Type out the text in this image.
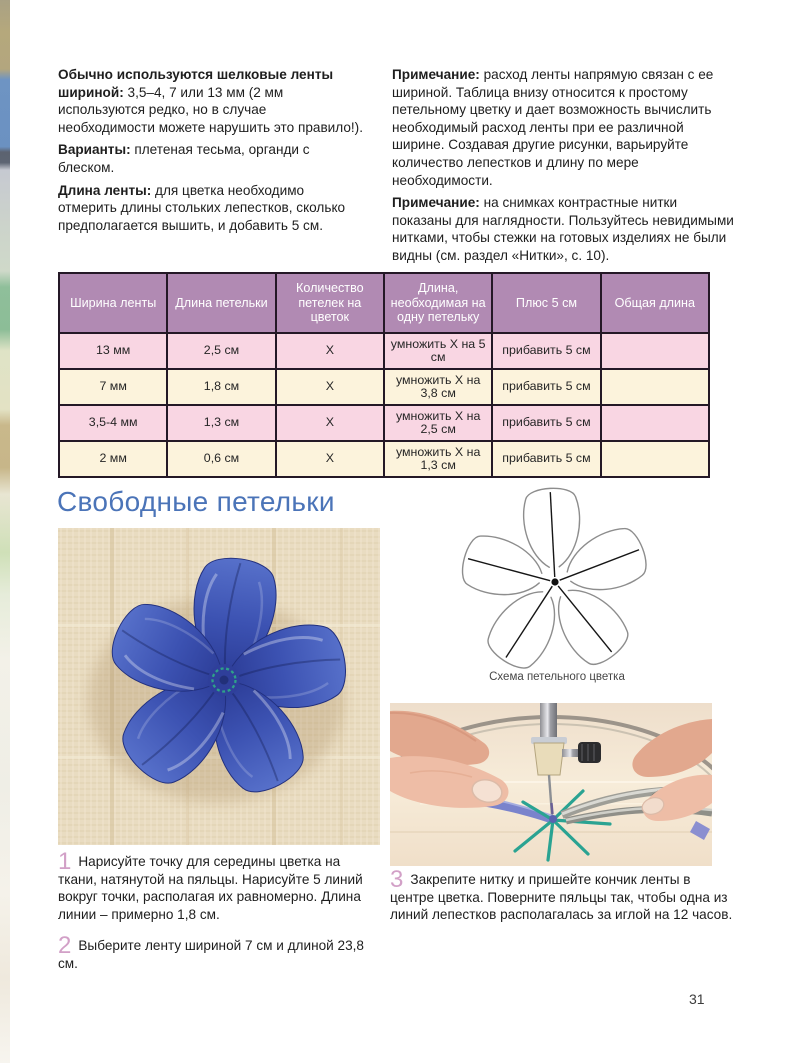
Обычно используются шелковые ленты шириной: 3,5–4, 7 или 13 мм (2 мм используются редко, но в случае необходимости можете нарушить это правило!).

Варианты: плетеная тесьма, органди с блеском.

Длина ленты: для цветка необходимо отмерить длины стольких лепестков, сколько предполагается вышить, и добавить 5 см.

Примечание: расход ленты напрямую связан с ее шириной. Таблица внизу относится к простому петельному цветку и дает возможность вычислить необходимый расход ленты при ее различной ширине. Создавая другие рисунки, варьируйте количество лепестков и длину по мере необходимости.

Примечание: на снимках контрастные нитки показаны для наглядности. Пользуйтесь невидимыми нитками, чтобы стежки на готовых изделиях не были видны (см. раздел «Нитки», с. 10).

Ширина ленты	Длина петельки	Количество петелек на цветок	Длина, необходимая на одну петельку	Плюс 5 см	Общая длина
13 мм	2,5 см	Х	умножить Х на 5 см	прибавить 5 см	
7 мм	1,8 см	Х	умножить Х на 3,8 см	прибавить 5 см	
3,5-4 мм	1,3 см	Х	умножить Х на 2,5 см	прибавить 5 см	
2 мм	0,6 см	Х	умножить Х на 1,3 см	прибавить 5 см	
Свободные петельки
Схема петельного цветка

1 Нарисуйте точку для середины цветка на ткани, натянутой на пяльцы. Нарисуйте 5 линий вокруг точки, располагая их равномерно. Длина линии – примерно 1,8 см.

2 Выберите ленту шириной 7 см и длиной 23,8 см.

3 Закрепите нитку и пришейте кончик ленты в центре цветка. Поверните пяльцы так, чтобы одна из линий лепестков располагалась за иглой на 12 часов.

31
